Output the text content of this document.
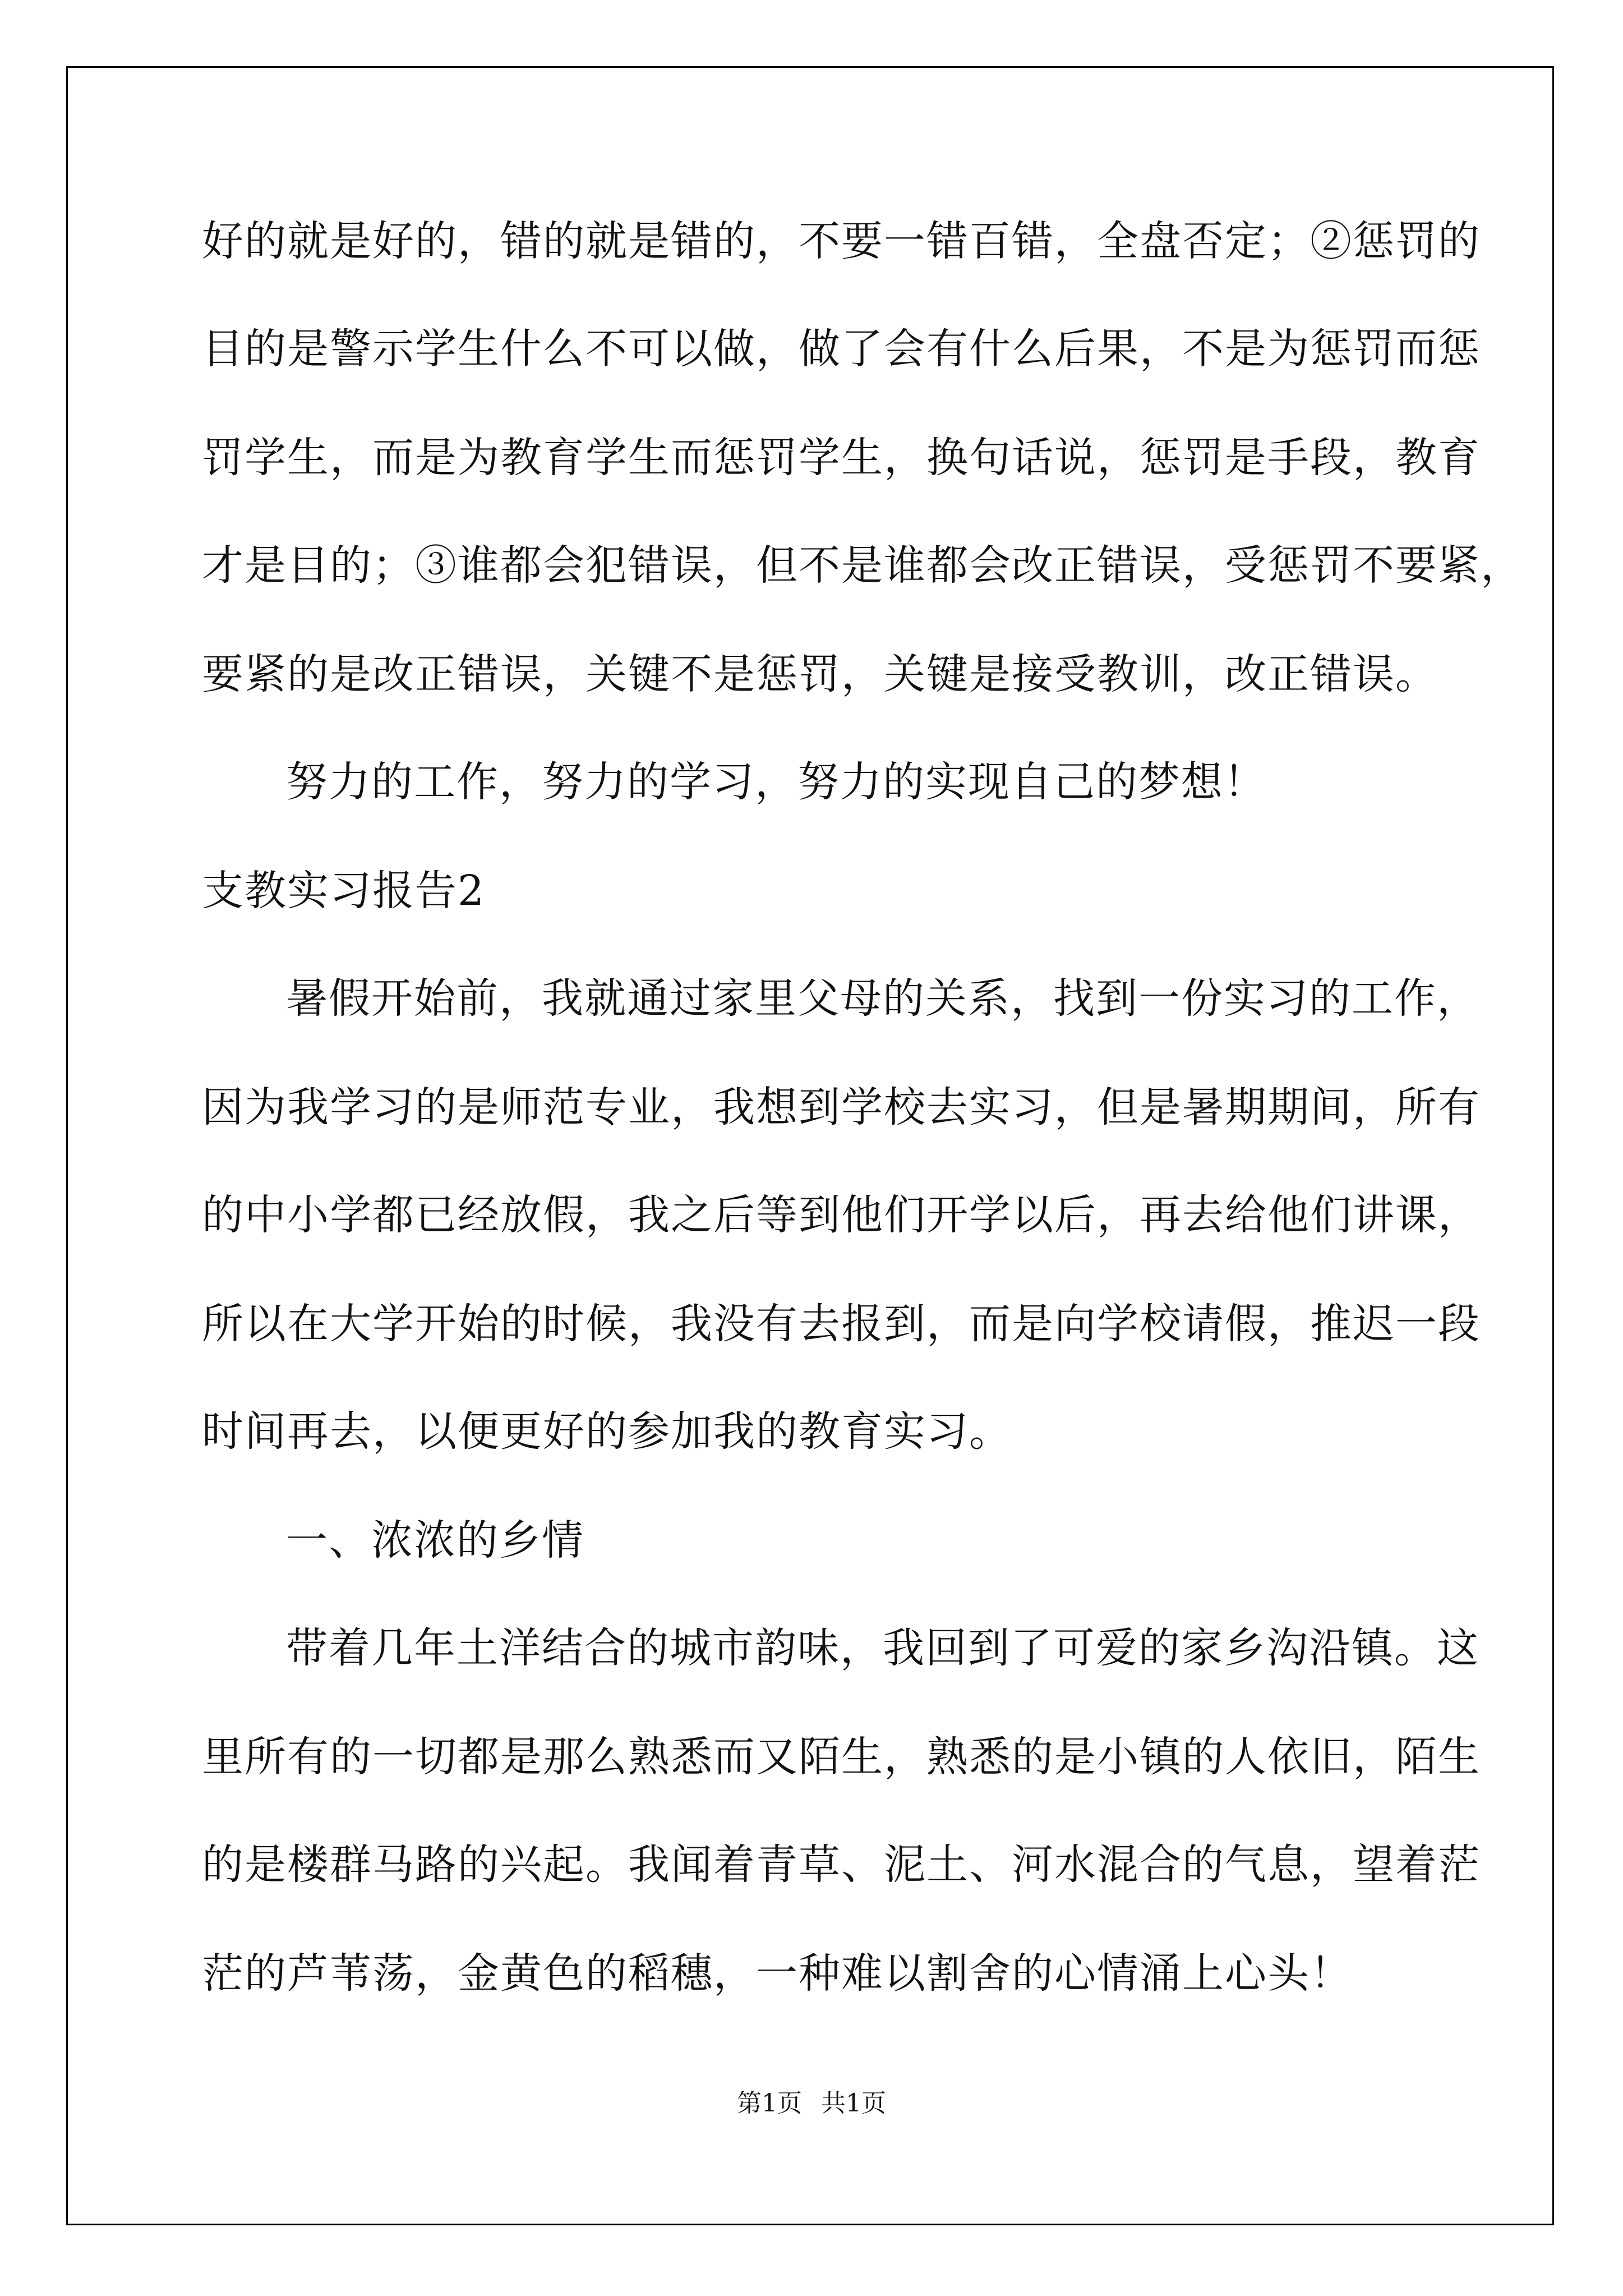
好的就是好的，错的就是错的，不要一错百错，全盘否定；②惩罚的
目的是警示学生什么不可以做，做了会有什么后果，不是为惩罚而惩
罚学生，而是为教育学生而惩罚学生，换句话说，惩罚是手段，教育
才是目的；③谁都会犯错误，但不是谁都会改正错误，受惩罚不要紧，
要紧的是改正错误，关键不是惩罚，关键是接受教训，改正错误。
努力的工作，努力的学习，努力的实现自己的梦想！
支教实习报告2
暑假开始前，我就通过家里父母的关系，找到一份实习的工作，
因为我学习的是师范专业，我想到学校去实习，但是暑期期间，所有
的中小学都已经放假，我之后等到他们开学以后，再去给他们讲课，
所以在大学开始的时候，我没有去报到，而是向学校请假，推迟一段
时间再去，以便更好的参加我的教育实习。
一、浓浓的乡情
带着几年土洋结合的城市韵味，我回到了可爱的家乡沟沿镇。这
里所有的一切都是那么熟悉而又陌生，熟悉的是小镇的人依旧，陌生
的是楼群马路的兴起。我闻着青草、泥土、河水混合的气息，望着茫
茫的芦苇荡，金黄色的稻穗，一种难以割舍的心情涌上心头！
第1页 共1页
